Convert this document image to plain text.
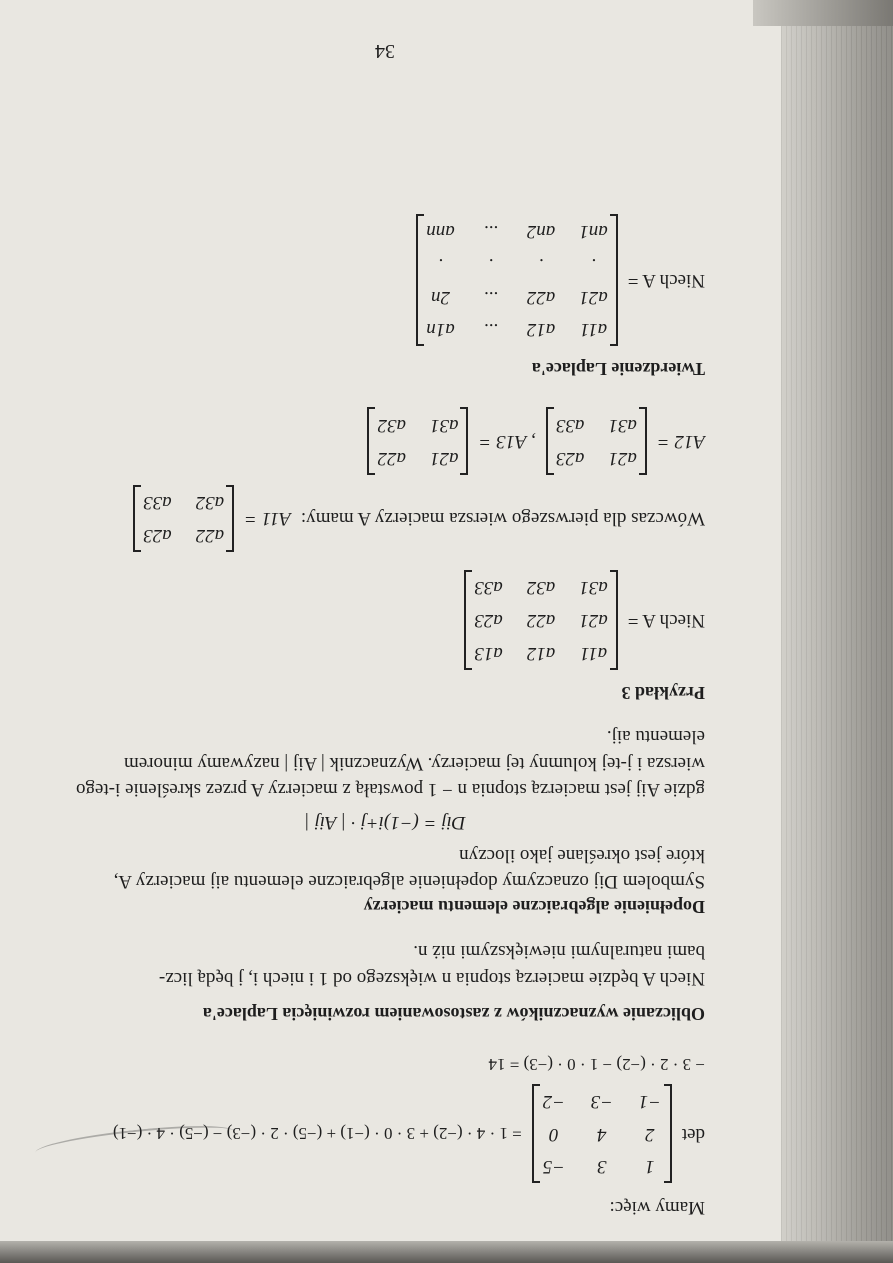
Mamy więc:

det
1
3
−5
2
4
0
−1
−3
−2
= 1 · 4 · (−2) + 3 · 0 · (−1) + (−5) · 2 · (−3) − (−5) · 4 · (−1)

− 3 · 2 · (−2) − 1 · 0 · (−3) = 14

Obliczanie wyznaczników z zastosowaniem rozwinięcia Laplace'a

Niech A będzie macierzą stopnia n większego od 1 i niech i, j będą licz-

bami naturalnymi niewiększymi niż n.

Dopełnienie algebraiczne elementu macierzy

Symbolem Dij oznaczymy dopełnienie algebraiczne elementu aij macierzy A,

które jest określane jako iloczyn

Dij = (−1)i+j · | Aij |

gdzie Aij jest macierzą stopnia n − 1 powstałą z macierzy A przez skreślenie i-tego

wiersza i j-tej kolumny tej macierzy. Wyznacznik | Aij | nazywamy minorem

elementu aij.

Przykład 3

Niech A =
a11
a12
a13
a21
a22
a23
a31
a32
a33
Wówczas dla pierwszego wiersza macierzy A mamy:
A11 =
a22
a23
a32
a33
A12 =
a21
a23
a31
a33
, A13 =
a21
a22
a31
a32

Twierdzenie Laplace'a

Niech A =
a11
a12
...
a1n
a21
a22
...
2n
.
.
.
.
an1
an2
...
ann
34
